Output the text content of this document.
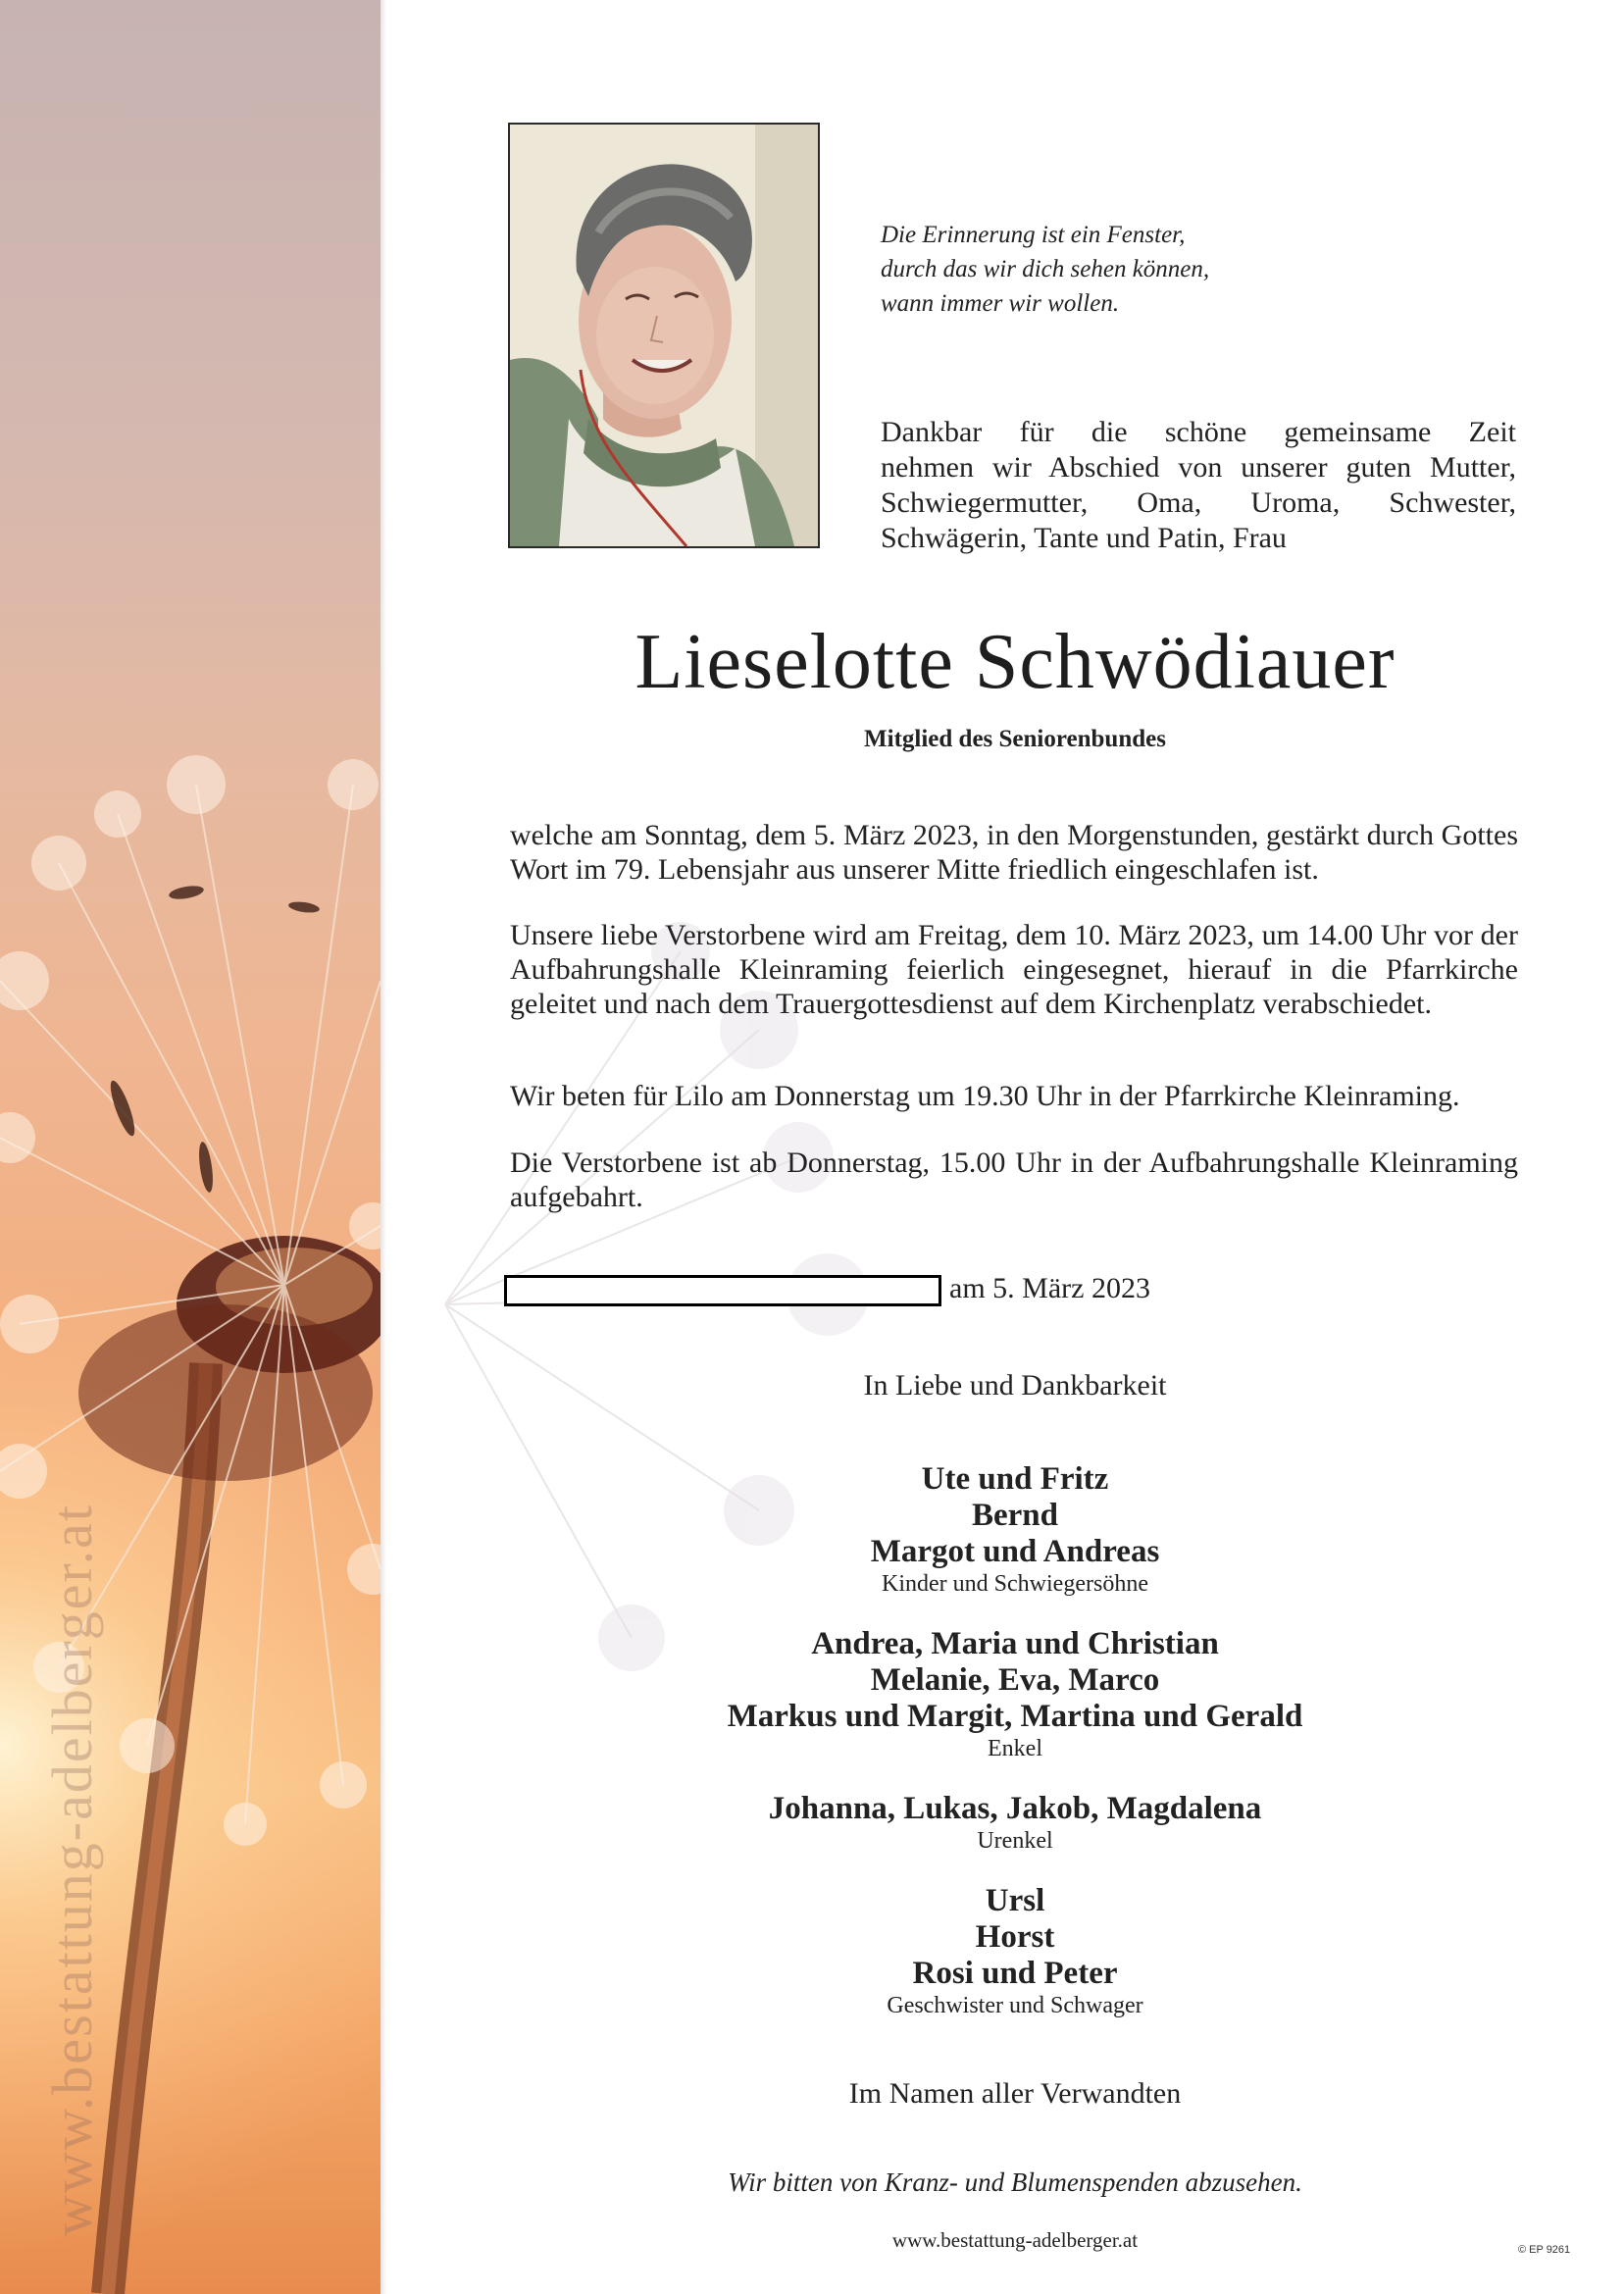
www.bestattung-adelberger.at
Die Erinnerung ist ein Fenster,
durch das wir dich sehen können,
wann immer wir wollen.
Dankbar für die schöne gemeinsame Zeit
nehmen wir Abschied von unserer guten Mutter,
Schwiegermutter, Oma, Uroma, Schwester,
Schwägerin, Tante und Patin, Frau
Lieselotte Schwödiauer
Mitglied des Seniorenbundes
welche am Sonntag, dem 5. März 2023, in den Morgenstunden, gestärkt durch Gottes Wort im 79. Lebensjahr aus unserer Mitte friedlich eingeschlafen ist.
Unsere liebe Verstorbene wird am Freitag, dem 10. März 2023, um 14.00 Uhr vor der Aufbahrungshalle Kleinraming feierlich eingesegnet, hierauf in die Pfarrkirche geleitet und nach dem Trauergottesdienst auf dem Kirchenplatz verabschiedet.
Wir beten für Lilo am Donnerstag um 19.30 Uhr in der Pfarrkirche Kleinraming.
Die Verstorbene ist ab Donnerstag, 15.00 Uhr in der Aufbahrungshalle Kleinraming aufgebahrt.
am 5. März 2023
In Liebe und Dankbarkeit
Ute und Fritz
Bernd
Margot und Andreas
Kinder und Schwiegersöhne
Andrea, Maria und Christian
Melanie, Eva, Marco
Markus und Margit, Martina und Gerald
Enkel
Johanna, Lukas, Jakob, Magdalena
Urenkel
Ursl
Horst
Rosi und Peter
Geschwister und Schwager
Im Namen aller Verwandten
Wir bitten von Kranz- und Blumenspenden abzusehen.
www.bestattung-adelberger.at	© EP 9261
